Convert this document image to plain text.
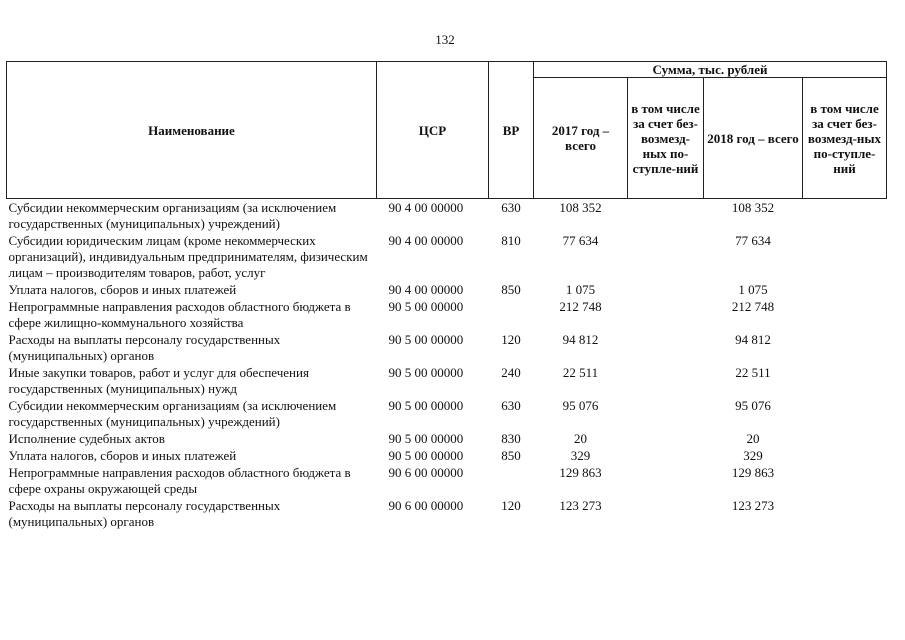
132
Наименование	ЦСР	ВР	Сумма, тыс. рублей			
			2017 год – всего	в том числе за счет без-возмезд-ных по-ступле-ний	2018 год – всего	в том числе за счет без-возмезд-ных по-ступле-ний
Субсидии некоммерческим организациям (за исключением государственных (муниципальных) учреждений)	90 4 00 00000	630	108 352		108 352	
Субсидии юридическим лицам (кроме некоммерческих организаций), индивидуальным предпринимателям, физическим лицам – производителям товаров, работ, услуг	90 4 00 00000	810	77 634		77 634	
Уплата налогов, сборов и иных платежей	90 4 00 00000	850	1 075		1 075	
Непрограммные направления расходов областного бюджета в сфере жилищно-коммунального хозяйства	90 5 00 00000		212 748		212 748	
Расходы на выплаты персоналу государственных (муниципальных) органов	90 5 00 00000	120	94 812		94 812	
Иные закупки товаров, работ и услуг для обеспечения государственных (муниципальных) нужд	90 5 00 00000	240	22 511		22 511	
Субсидии некоммерческим организациям (за исключением государственных (муниципальных) учреждений)	90 5 00 00000	630	95 076		95 076	
Исполнение судебных актов	90 5 00 00000	830	20		20	
Уплата налогов, сборов и иных платежей	90 5 00 00000	850	329		329	
Непрограммные направления расходов областного бюджета в сфере охраны окружающей среды	90 6 00 00000		129 863		129 863	
Расходы на выплаты персоналу государственных (муниципальных) органов	90 6 00 00000	120	123 273		123 273	
